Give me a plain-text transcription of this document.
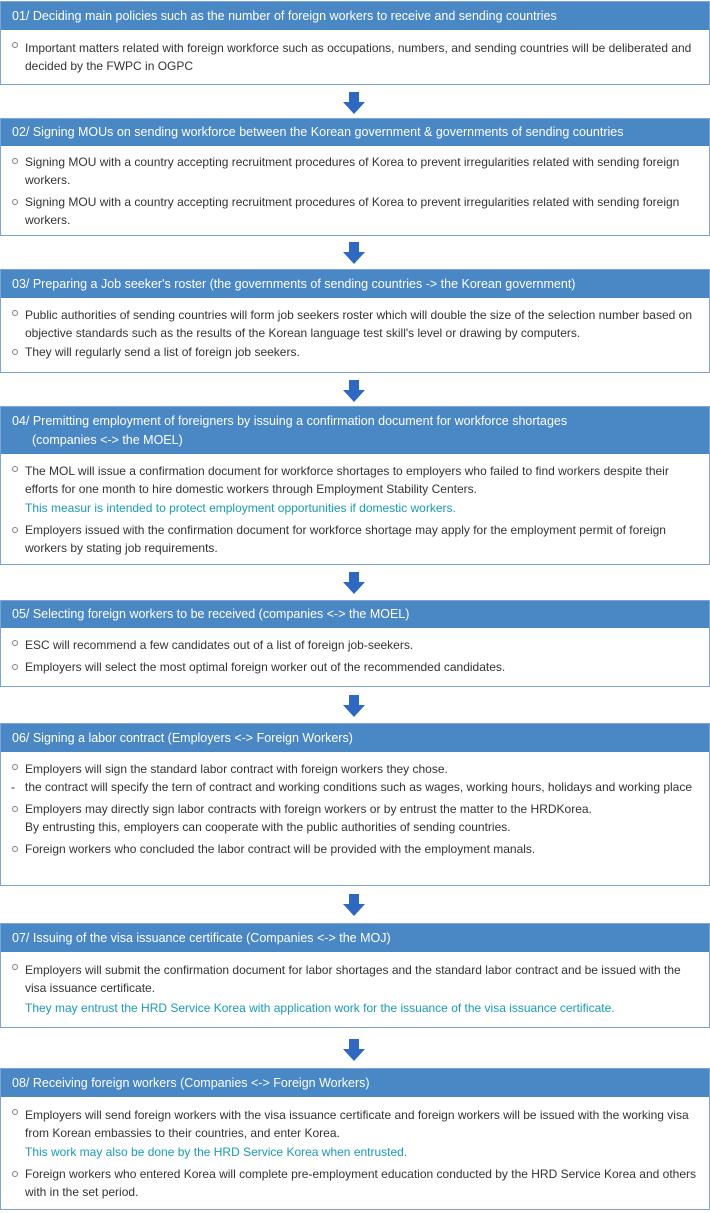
01/ Deciding main policies such as the number of foreign workers to receive and sending countries
Important matters related with foreign workforce such as occupations, numbers, and sending countries will be deliberated and decided by the FWPC in OGPC
02/ Signing MOUs on sending workforce between the Korean government & governments of sending countries
Signing MOU with a country accepting recruitment procedures of Korea to prevent irregularities related with sending foreign workers.
Signing MOU with a country accepting recruitment procedures of Korea to prevent irregularities related with sending foreign workers.
03/ Preparing a Job seeker's roster (the governments of sending countries -> the Korean government)
Public authorities of sending countries will form job seekers roster which will double the size of the selection number based on objective standards such as the results of the Korean language test skill's level or drawing by computers.
They will regularly send a list of foreign job seekers.
04/ Premitting employment of foreigners by issuing a confirmation document for workforce shortages
(companies <-> the MOEL)
The MOL will issue a confirmation document for workforce shortages to employers who failed to find workers despite their efforts for one month to hire domestic workers through Employment Stability Centers.
This measur is intended to protect employment opportunities if domestic workers.
Employers issued with the confirmation document for workforce shortage may apply for the employment permit of foreign workers by stating job requirements.
05/ Selecting foreign workers to be received (companies <-> the MOEL)
ESC will recommend a few candidates out of a list of foreign job-seekers.
Employers will select the most optimal foreign worker out of the recommended candidates.
06/ Signing a labor contract (Employers <-> Foreign Workers)
Employers will sign the standard labor contract with foreign workers they chose.
- the contract will specify the tern of contract and working conditions such as wages, working hours, holidays and working place
Employers may directly sign labor contracts with foreign workers or by entrust the matter to the HRDKorea.
By entrusting this, employers can cooperate with the public authorities of sending countries.
Foreign workers who concluded the labor contract will be provided with the employment manals.
07/ Issuing of the visa issuance certificate (Companies <-> the MOJ)
Employers will submit the confirmation document for labor shortages and the standard labor contract and be issued with the visa issuance certificate.
They may entrust the HRD Service Korea with application work for the issuance of the visa issuance certificate.
08/ Receiving foreign workers (Companies <-> Foreign Workers)
Employers will send foreign workers with the visa issuance certificate and foreign workers will be issued with the working visa from Korean embassies to their countries, and enter Korea.
This work may also be done by the HRD Service Korea when entrusted.
Foreign workers who entered Korea will complete pre-employment education conducted by the HRD Service Korea and others with in the set period.
